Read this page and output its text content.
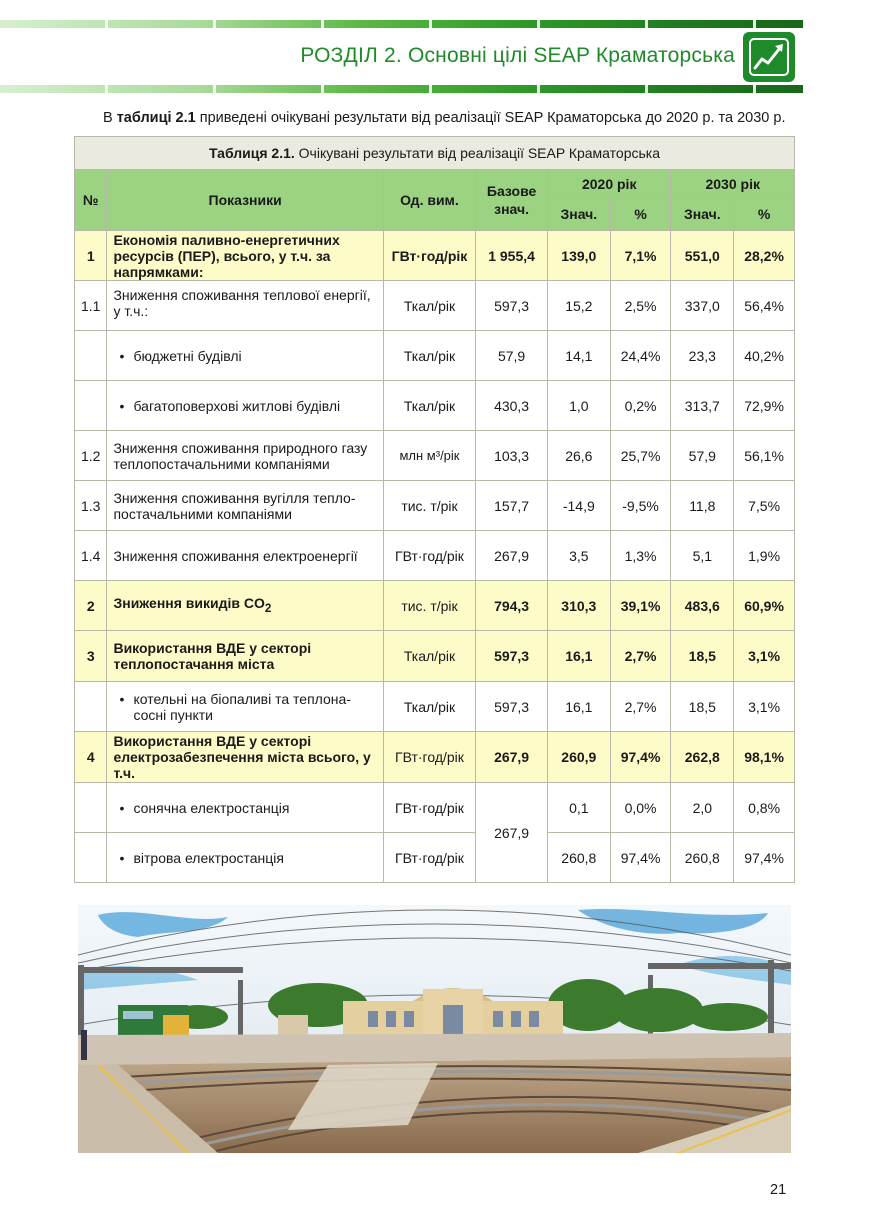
РОЗДІЛ 2. Основні цілі SEAP Краматорська
В таблиці 2.1 приведені очікувані результати від реалізації SEAP Краматорська до 2020 р. та 2030 р.
Таблиця 2.1. Очікувані результати від реалізації SEAP Краматорська							
№	Показники	Од. вим.	Базове знач.	2020 рік		2030 рік	
				Знач.	%	Знач.	%
1	Економія паливно-енергетичних ресурсів (ПЕР), всього, у т.ч. за напрямками:	ГВт·год/рік	1 955,4	139,0	7,1%	551,0	28,2%
1.1	Зниження споживання теплової енергії, у т.ч.:	Ткал/рік	597,3	15,2	2,5%	337,0	56,4%

	• бюджетні будівлі	Ткал/рік	57,9	14,1	24,4%	23,3	40,2%

	• багатоповерхові житлові будівлі	Ткал/рік	430,3	1,0	0,2%	313,7	72,9%
1.2	Зниження споживання природного газу теплопостачальними компаніями	млн м³/рік	103,3	26,6	25,7%	57,9	56,1%
1.3	Зниження споживання вугілля тепло-постачальними компаніями	тис. т/рік	157,7	-14,9	-9,5%	11,8	7,5%
1.4	Зниження споживання електроенергії	ГВт·год/рік	267,9	3,5	1,3%	5,1	1,9%
2	Зниження викидів $CO_2$	тис. т/рік	794,3	310,3	39,1%	483,6	60,9%
3	Використання ВДЕ у секторі теплопостачання міста	Ткал/рік	597,3	16,1	2,7%	18,5	3,1%

	• котельні на біопаливі та теплона-сосні пункти	Ткал/рік	597,3	16,1	2,7%	18,5	3,1%
4	Використання ВДЕ у секторі електрозабезпечення міста всього, у т.ч.	ГВт·год/рік	267,9	260,9	97,4%	262,8	98,1%

	• сонячна електростанція	ГВт·год/рік	267,9	0,1	0,0%	2,0	0,8%

	• вітрова електростанція	ГВт·год/рік		260,8	97,4%	260,8	97,4%
21
